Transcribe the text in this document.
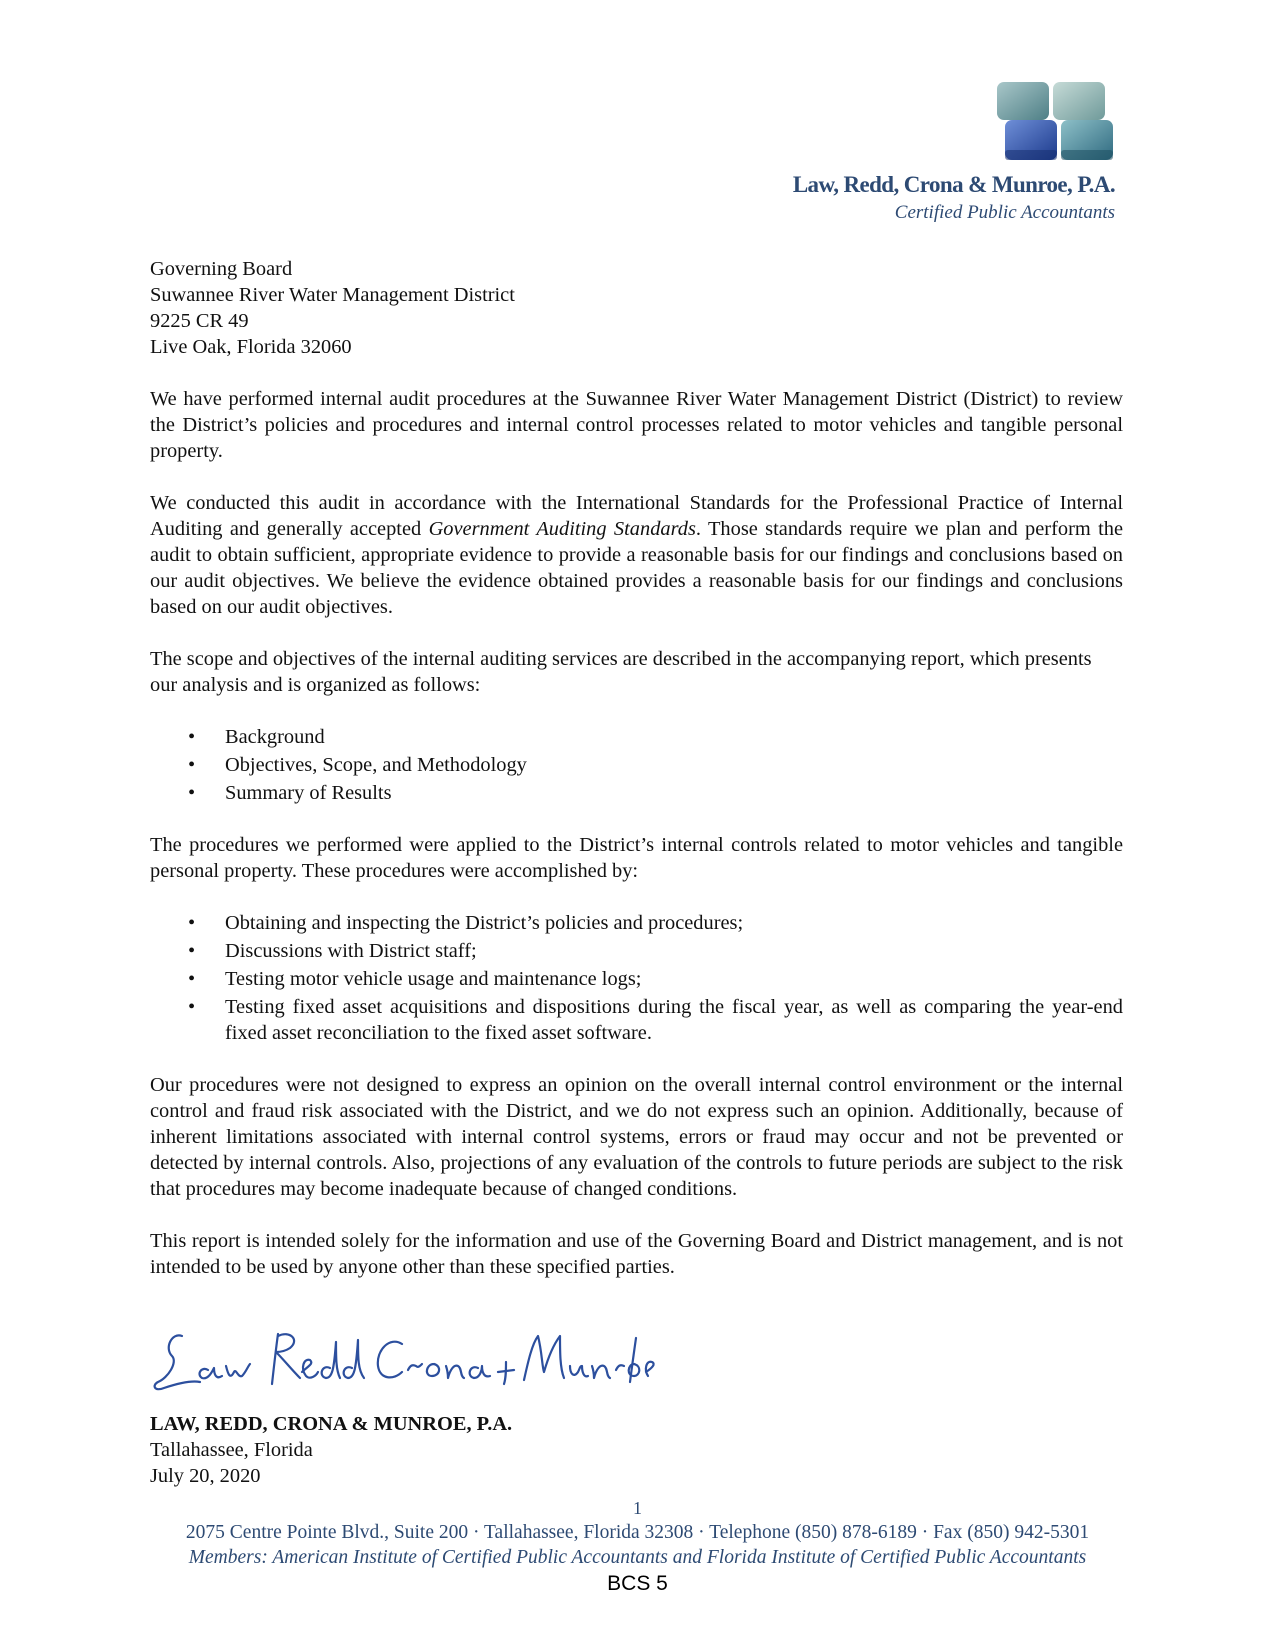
Law, Redd, Crona & Munroe, P.A.
Certified Public Accountants

Governing Board

Suwannee River Water Management District

9225 CR 49

Live Oak, Florida 32060

We have performed internal audit procedures at the Suwannee River Water Management District (District) to review the District’s policies and procedures and internal control processes related to motor vehicles and tangible personal property.

We conducted this audit in accordance with the International Standards for the Professional Practice of Internal Auditing and generally accepted Government Auditing Standards. Those standards require we plan and perform the audit to obtain sufficient, appropriate evidence to provide a reasonable basis for our findings and conclusions based on our audit objectives. We believe the evidence obtained provides a reasonable basis for our findings and conclusions based on our audit objectives.

The scope and objectives of the internal auditing services are described in the accompanying report, which presents our analysis and is organized as follows:

• Background
• Objectives, Scope, and Methodology
• Summary of Results

The procedures we performed were applied to the District’s internal controls related to motor vehicles and tangible personal property. These procedures were accomplished by:

• Obtaining and inspecting the District’s policies and procedures;
• Discussions with District staff;
• Testing motor vehicle usage and maintenance logs;
• Testing fixed asset acquisitions and dispositions during the fiscal year, as well as comparing the year-end fixed asset reconciliation to the fixed asset software.

Our procedures were not designed to express an opinion on the overall internal control environment or the internal control and fraud risk associated with the District, and we do not express such an opinion. Additionally, because of inherent limitations associated with internal control systems, errors or fraud may occur and not be prevented or detected by internal controls. Also, projections of any evaluation of the controls to future periods are subject to the risk that procedures may become inadequate because of changed conditions.

This report is intended solely for the information and use of the Governing Board and District management, and is not intended to be used by anyone other than these specified parties.

LAW, REDD, CRONA & MUNROE, P.A.

Tallahassee, Florida

July 20, 2020

1
2075 Centre Pointe Blvd., Suite 200 · Tallahassee, Florida 32308 · Telephone (850) 878-6189 · Fax (850) 942-5301
Members: American Institute of Certified Public Accountants and Florida Institute of Certified Public Accountants
BCS 5
